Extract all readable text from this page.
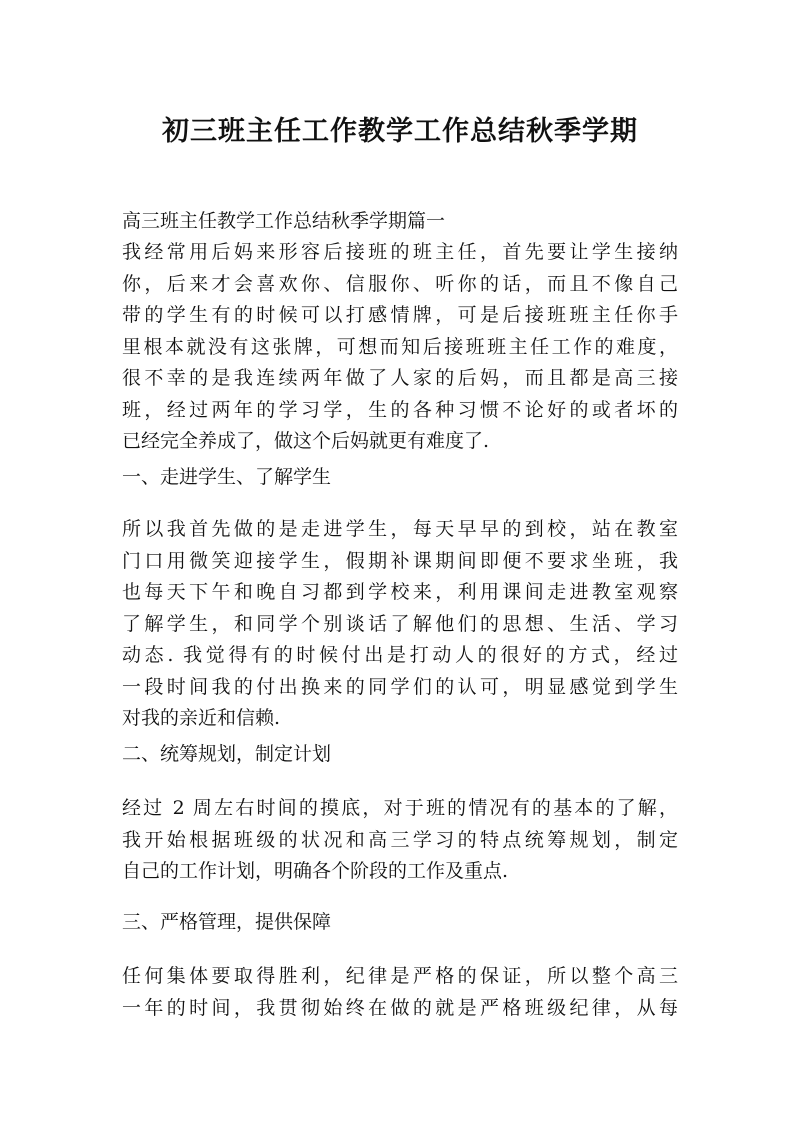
初三班主任工作教学工作总结秋季学期
高三班主任教学工作总结秋季学期篇一
我经常用后妈来形容后接班的班主任，首先要让学生接纳
你，后来才会喜欢你、信服你、听你的话，而且不像自己
带的学生有的时候可以打感情牌，可是后接班班主任你手
里根本就没有这张牌，可想而知后接班班主任工作的难度，
很不幸的是我连续两年做了人家的后妈，而且都是高三接
班，经过两年的学习学，生的各种习惯不论好的或者坏的
已经完全养成了，做这个后妈就更有难度了.
一、走进学生、了解学生
所以我首先做的是走进学生，每天早早的到校，站在教室
门口用微笑迎接学生，假期补课期间即便不要求坐班，我
也每天下午和晚自习都到学校来，利用课间走进教室观察
了解学生，和同学个别谈话了解他们的思想、生活、学习
动态. 我觉得有的时候付出是打动人的很好的方式，经过
一段时间我的付出换来的同学们的认可，明显感觉到学生
对我的亲近和信赖.
二、统筹规划，制定计划
经过 2 周左右时间的摸底，对于班的情况有的基本的了解，
我开始根据班级的状况和高三学习的特点统筹规划，制定
自己的工作计划，明确各个阶段的工作及重点.
三、严格管理，提供保障
任何集体要取得胜利，纪律是严格的保证，所以整个高三
一年的时间，我贯彻始终在做的就是严格班级纪律，从每
